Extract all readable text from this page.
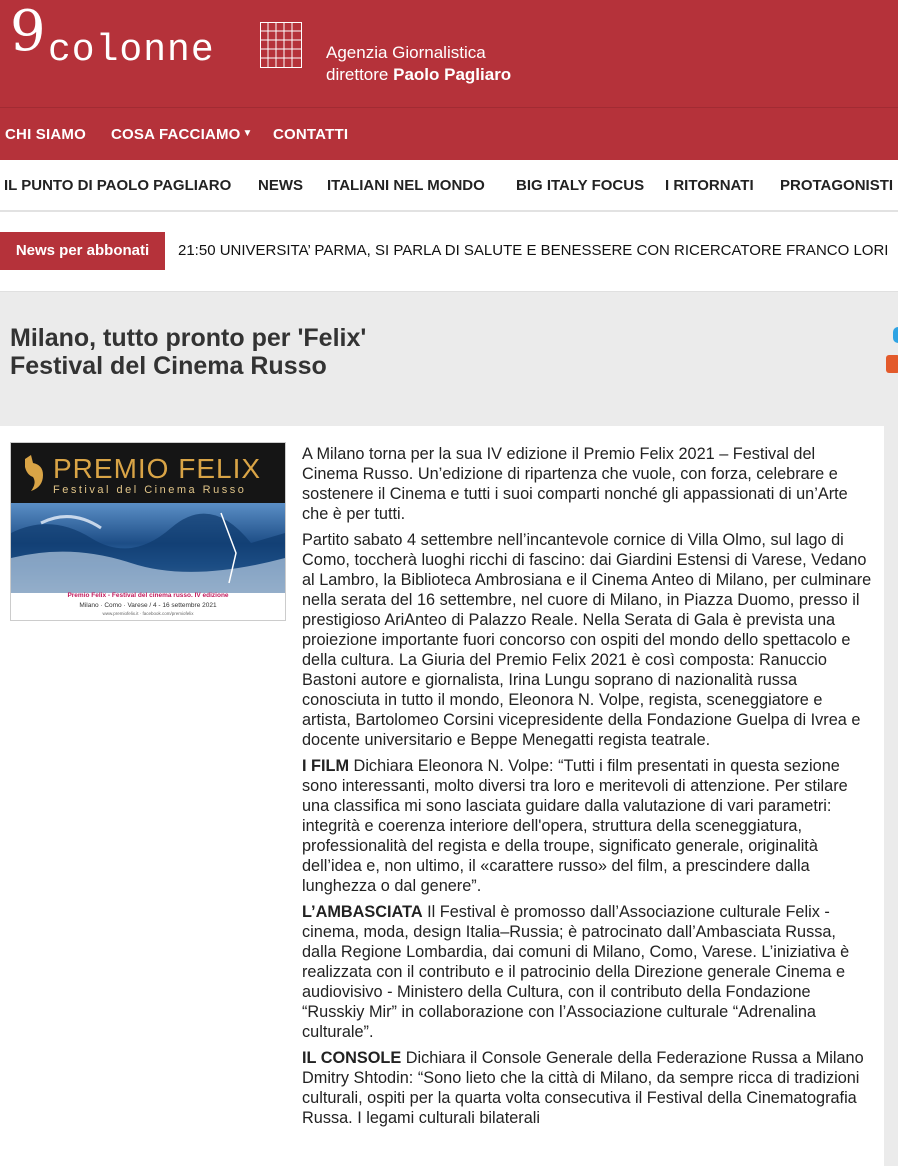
9 colonne	Agenzia Giornalistica
direttore Paolo Pagliaro
CHI SIAMO COSA FACCIAMO ▼ CONTATTI
IL PUNTO DI PAOLO PAGLIARO NEWS ITALIANI NEL MONDO BIG ITALY FOCUS I RITORNATI PROTAGONISTI
News per abbonati	21:50 UNIVERSITA’ PARMA, SI PARLA DI SALUTE E BENESSERE CON RICERCATORE FRANCO LORI
Milano, tutto pronto per 'Felix' Festival del Cinema Russo
PREMIO FELIX
Festival del Cinema Russo
Premio Felix - Festival del cinema russo. IV edizione
Milano · Como · Varese / 4 - 16 settembre 2021
www.premiofelix.it · facebook.com/premiofelix

A Milano torna per la sua IV edizione il Premio Felix 2021 – Festival del Cinema Russo. Un’edizione di ripartenza che vuole, con forza, celebrare e sostenere il Cinema e tutti i suoi comparti nonché gli appassionati di un’Arte che è per tutti.

Partito sabato 4 settembre nell’incantevole cornice di Villa Olmo, sul lago di Como, toccherà luoghi ricchi di fascino: dai Giardini Estensi di Varese, Vedano al Lambro, la Biblioteca Ambrosiana e il Cinema Anteo di Milano, per culminare nella serata del 16 settembre, nel cuore di Milano, in Piazza Duomo, presso il prestigioso AriAnteo di Palazzo Reale. Nella Serata di Gala è prevista una proiezione importante fuori concorso con ospiti del mondo dello spettacolo e della cultura. La Giuria del Premio Felix 2021 è così composta: Ranuccio Bastoni autore e giornalista, Irina Lungu soprano di nazionalità russa conosciuta in tutto il mondo, Eleonora N. Volpe, regista, sceneggiatore e artista, Bartolomeo Corsini vicepresidente della Fondazione Guelpa di Ivrea e docente universitario e Beppe Menegatti regista teatrale.

I FILM Dichiara Eleonora N. Volpe: “Tutti i film presentati in questa sezione sono interessanti, molto diversi tra loro e meritevoli di attenzione. Per stilare una classifica mi sono lasciata guidare dalla valutazione di vari parametri: integrità e coerenza interiore dell'opera, struttura della sceneggiatura, professionalità del regista e della troupe, significato generale, originalità dell’idea e, non ultimo, il «carattere russo» del film, a prescindere dalla lunghezza o dal genere”.

L’AMBASCIATA Il Festival è promosso dall’Associazione culturale Felix - cinema, moda, design Italia–Russia; è patrocinato dall’Ambasciata Russa, dalla Regione Lombardia, dai comuni di Milano, Como, Varese. L’iniziativa è realizzata con il contributo e il patrocinio della Direzione generale Cinema e audiovisivo - Ministero della Cultura, con il contributo della Fondazione “Russkiy Mir” in collaborazione con l’Associazione culturale “Adrenalina culturale”.

IL CONSOLE Dichiara il Console Generale della Federazione Russa a Milano Dmitry Shtodin: “Sono lieto che la città di Milano, da sempre ricca di tradizioni culturali, ospiti per la quarta volta consecutiva il Festival della Cinematografia Russa. I legami culturali bilaterali
